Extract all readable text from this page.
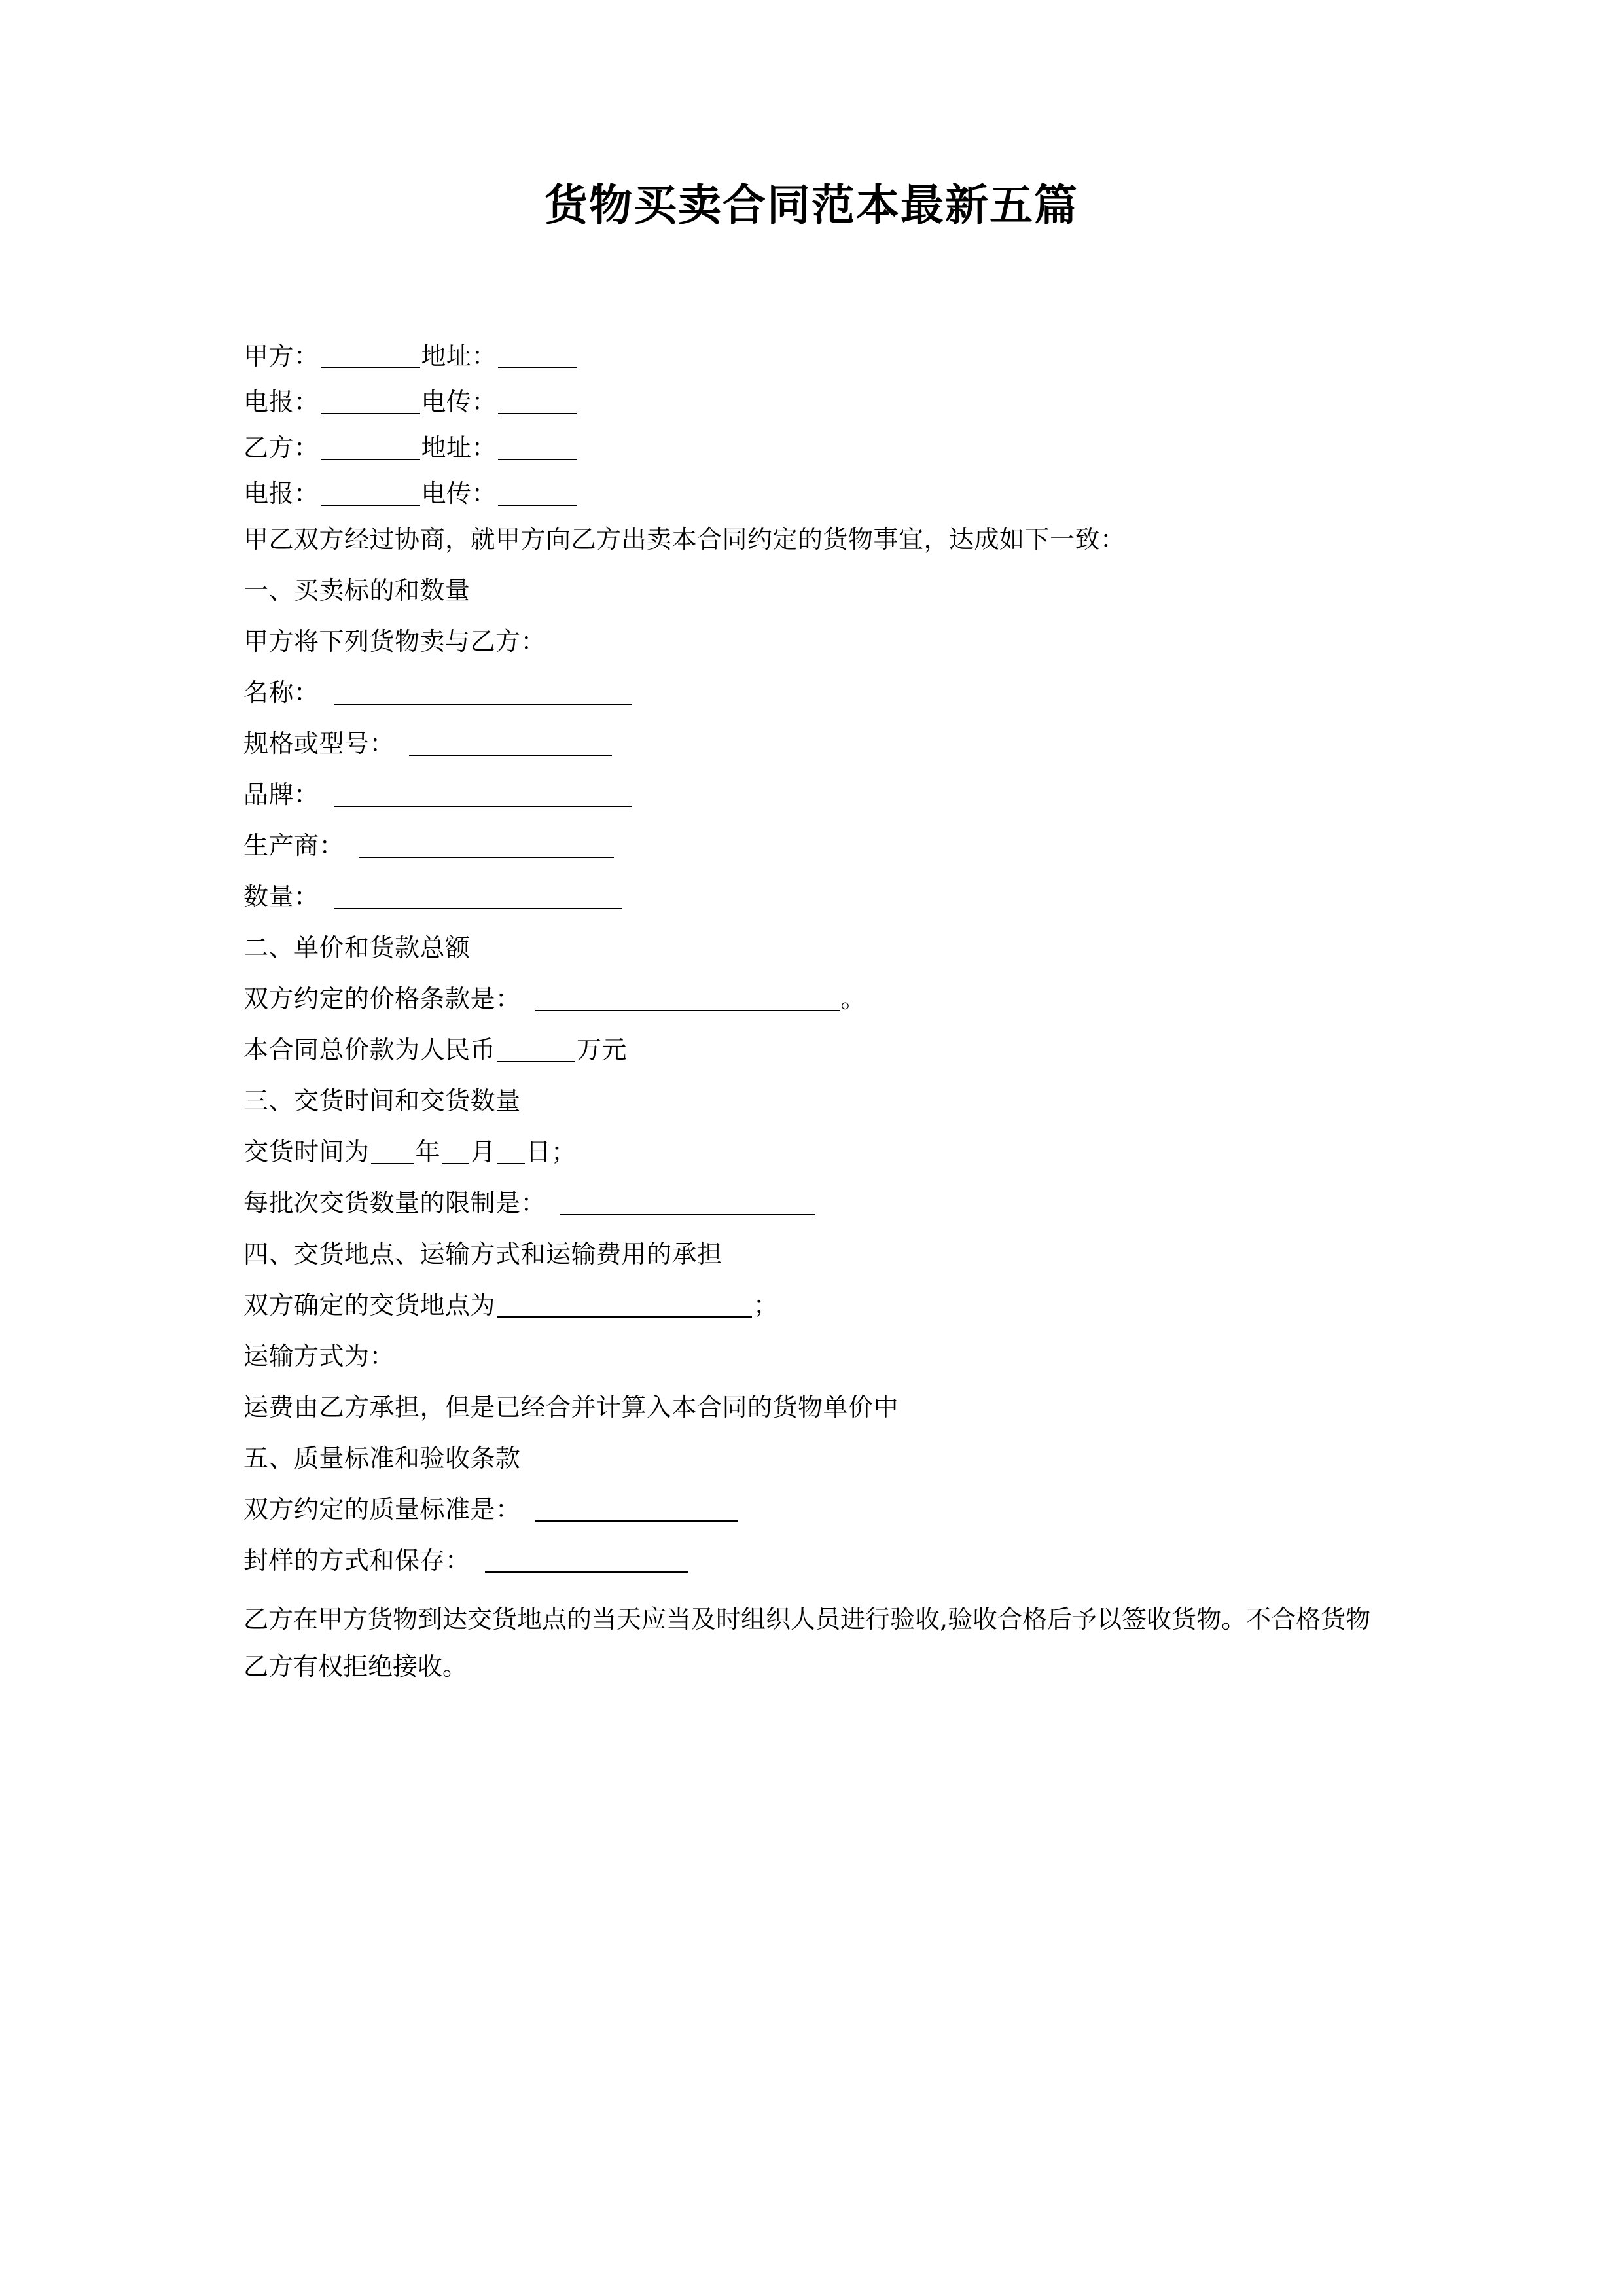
货物买卖合同范本最新五篇

甲方：	地址：

电报：	电传：

乙方：	地址：

电报：	电传：

甲乙双方经过协商，就甲方向乙方出卖本合同约定的货物事宜，达成如下一致：

一、买卖标的和数量

甲方将下列货物卖与乙方：

名称：

规格或型号：

品牌：

生产商：

数量：

二、单价和货款总额

双方约定的价格条款是：	。

本合同总价款为人民币	万元

三、交货时间和交货数量

交货时间为 年 月 日；

每批次交货数量的限制是：

四、交货地点、运输方式和运输费用的承担

双方确定的交货地点为	；

运输方式为：

运费由乙方承担，但是已经合并计算入本合同的货物单价中

五、质量标准和验收条款

双方约定的质量标准是：

封样的方式和保存：

乙方在甲方货物到达交货地点的当天应当及时组织人员进行验收,验收合格后予以签收货物。不合格货物乙方有权拒绝接收。
